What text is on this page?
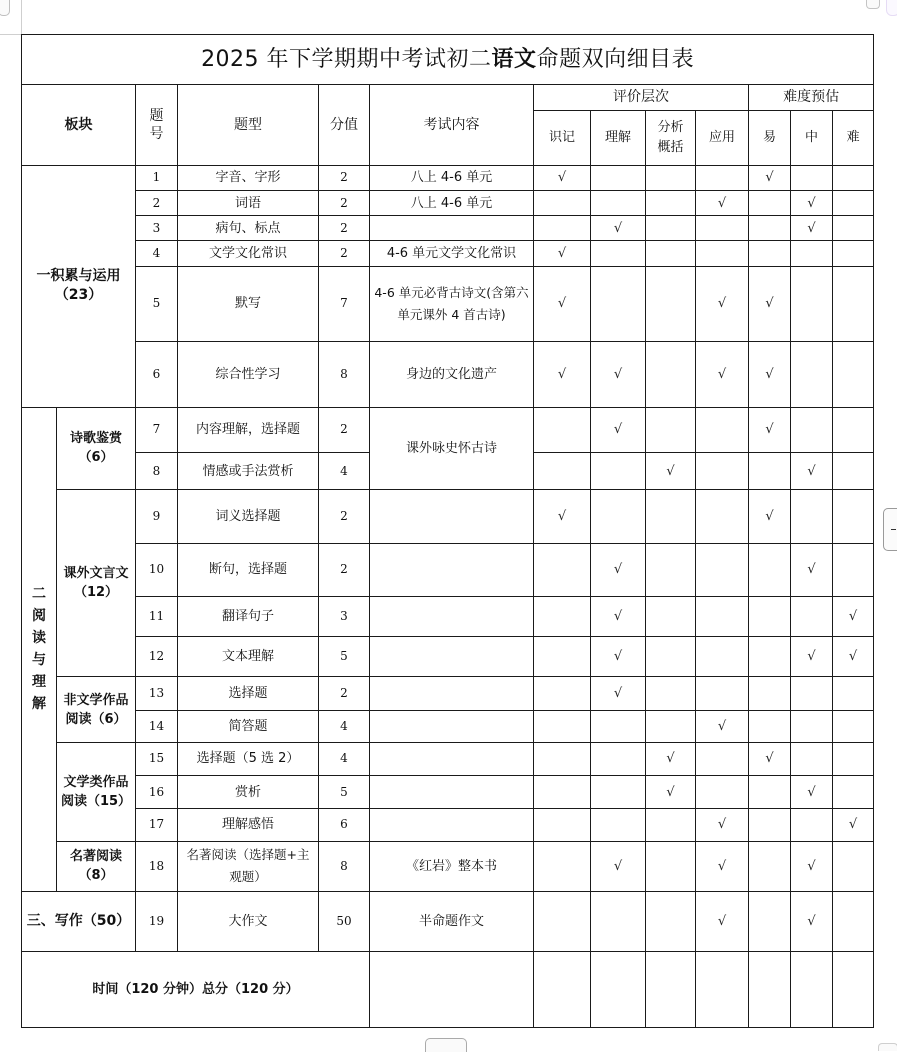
2025 年下学期期中考试初二语文命题双向细目表												
板块		题号	题型	分值	考试内容	评价层次				难度预估		
						识记	理解	分析概括	应用	易	中	难
一积累与运用（23）		1	字音、字形	2	八上 4-6 单元	√				√		
		2	词语	2	八上 4-6 单元				√		√	
		3	病句、标点	2			√				√	
		4	文学文化常识	2	4-6 单元文学文化常识	√						
		5	默写	7	4-6 单元必背古诗文(含第六单元课外 4 首古诗)	√			√	√		
		6	综合性学习	8	身边的文化遗产	√	√		√	√		
二阅读与理解	诗歌鉴赏（6）	7	内容理解，选择题	2	课外咏史怀古诗		√			√		
		8	情感或手法赏析	4				√			√	
	课外文言文（12）	9	词义选择题	2		√				√		
		10	断句，选择题	2			√				√	
		11	翻译句子	3			√					√
		12	文本理解	5			√				√	√
	非文学作品阅读（6）	13	选择题	2			√					
		14	简答题	4					√			
	文学类作品阅读（15）	15	选择题（5 选 2）	4				√		√		
		16	赏析	5				√			√	
		17	理解感悟	6					√			√
	名著阅读（8）	18	名著阅读（选择题+主观题）	8	《红岩》整本书		√		√		√	
三、写作（50）		19	大作文	50	半命题作文				√		√	
时间（120 分钟）总分（120 分）												
